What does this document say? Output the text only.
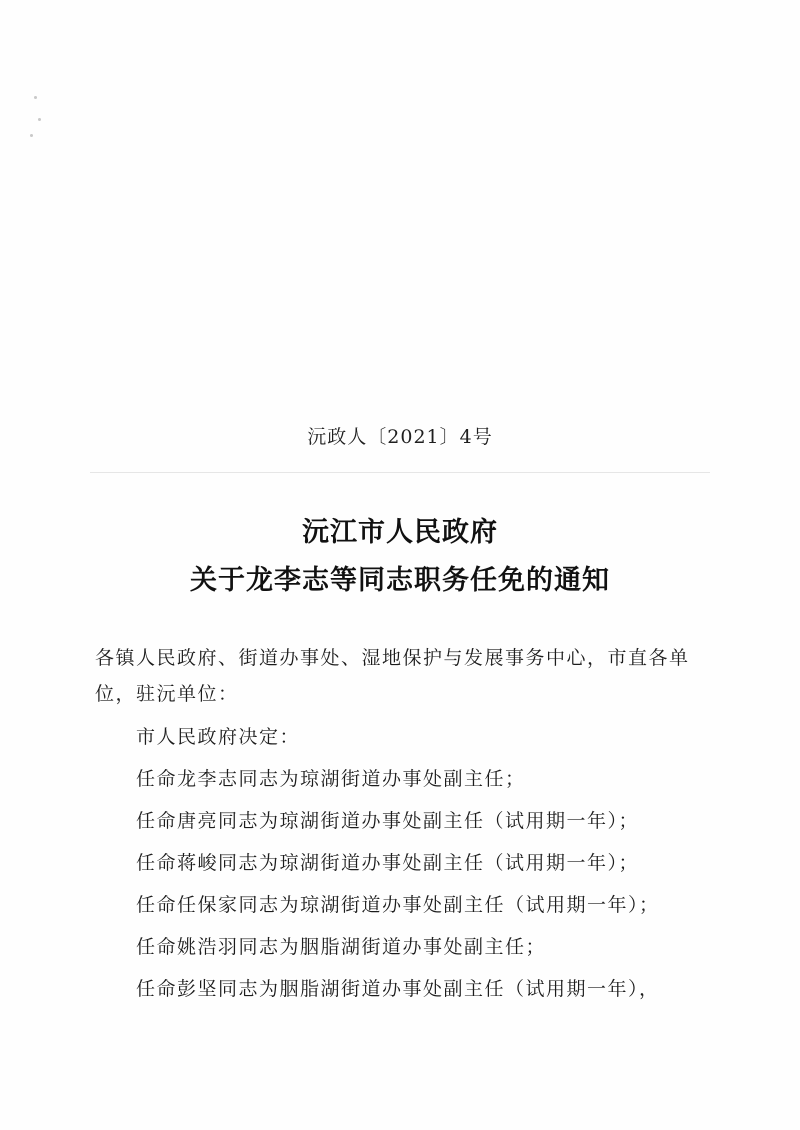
沅政人〔2021〕4号
沅江市人民政府
关于龙李志等同志职务任免的通知
各镇人民政府、街道办事处、湿地保护与发展事务中心，市直各单位，驻沅单位：
市人民政府决定：
任命龙李志同志为琼湖街道办事处副主任；
任命唐亮同志为琼湖街道办事处副主任（试用期一年）；
任命蒋峻同志为琼湖街道办事处副主任（试用期一年）；
任命任保家同志为琼湖街道办事处副主任（试用期一年）；
任命姚浩羽同志为胭脂湖街道办事处副主任；
任命彭坚同志为胭脂湖街道办事处副主任（试用期一年），
